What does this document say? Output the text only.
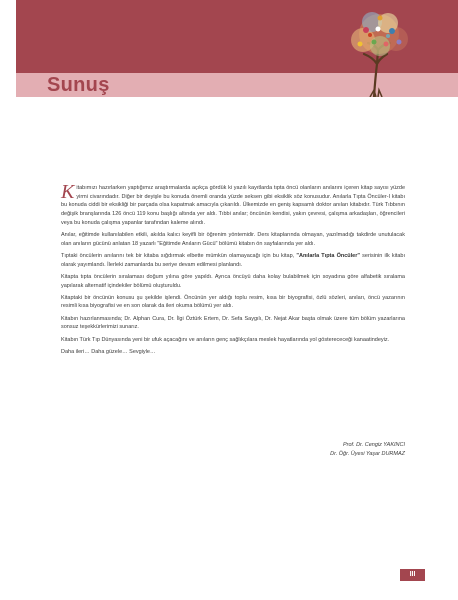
Sunuş

Kitabımızı hazırlarken yaptığımız araştırmalarda açıkça gördük ki yazılı kayıtlarda tıpta öncü olanların anılarını içeren kitap sayısı yüzde yirmi civarındadır. Diğer bir deyişle bu konuda önemli oranda yüzde seksen gibi eksiklik söz konusudur. Anılarla Tıpta Öncüler-I kitabı bu konuda ciddi bir eksikliği bir parçada olsa kapatmak amacıyla çıkarıldı. Ülkemizde en geniş kapsamlı doktor anıları kitabıdır. Türk Tıbbının değişik branşlarında 126 öncü 119 konu başlığı altında yer aldı. Tıbbi anılar; öncünün kendisi, yakın çevresi, çalışma arkadaşları, öğrencileri veya bu konuda çalışma yapanlar tarafından kaleme alındı.

Anılar, eğitimde kullanılabilen etkili, akılda kalıcı keyifli bir öğrenim yöntemidir. Ders kitaplarında olmayan, yazılmadığı takdirde unutulacak olan anıların gücünü anlatan 18 yazarlı "Eğitimde Anıların Gücü" bölümü kitabın ön sayfalarında yer aldı.

Tıptaki öncülerin anılarını tek bir kitaba sığdırmak elbette mümkün olamayacağı için bu kitap, "Anılarla Tıpta Öncüler" serisinin ilk kitabı olarak yayımlandı. İlerleki zamanlarda bu seriye devam edilmesi planlandı.

Kitapta tıpta öncülerin sıralaması doğum yılına göre yapıldı. Ayrıca öncüyü daha kolay bulabilmek için soyadına göre alfabetik sıralama yapılarak alternatif içindekiler bölümü oluşturuldu.

Kitaptaki bir öncünün konusu şu şekilde işlendi. Öncünün yer aldığı toplu resim, kısa bir biyografisi, özlü sözleri, anıları, öncü yazarının resimli kısa biyografisi ve en son olarak da ileri okuma bölümü yer aldı.

Kitabın hazırlanmasında; Dr. Alphan Cura, Dr. İlgi Öztürk Ertem, Dr. Sefa Saygılı, Dr. Nejat Akar başta olmak üzere tüm bölüm yazarlarına sonsuz teşekkürlerimizi sunarız.

Kitabın Türk Tıp Dünyasında yeni bir ufuk açacağını ve anıların genç sağlıkçılara meslek hayatlarında yol gösterececeği kanaatindeyiz.

Daha ileri… Daha güzele… Sevgiyle…

Prof. Dr. Cengiz YAKINCI
Dr. Öğr. Üyesi Yaşar DURMAZ
III
